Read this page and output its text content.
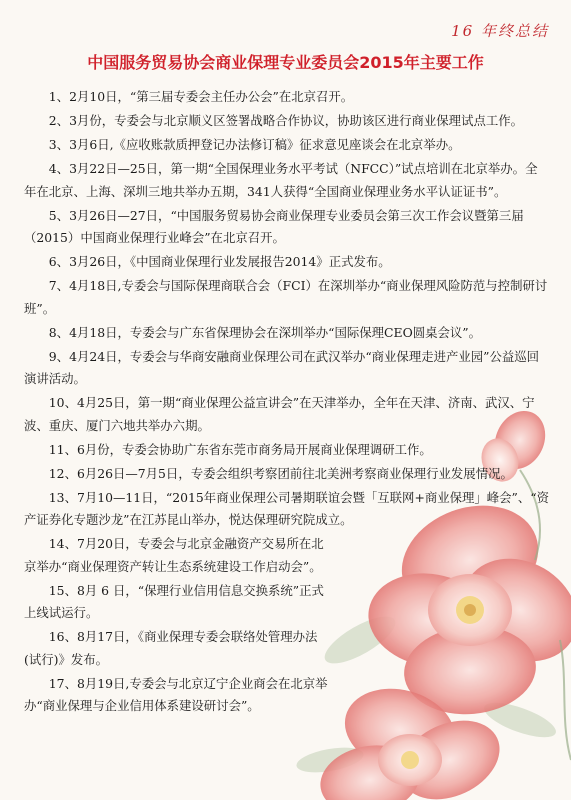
16 年终总结
中国服务贸易协会商业保理专业委员会2015年主要工作

1、2月10日，“第三届专委会主任办公会”在北京召开。

2、3月份，专委会与北京顺义区签署战略合作协议，协助该区进行商业保理试点工作。

3、3月6日,《应收账款质押登记办法修订稿》征求意见座谈会在北京举办。

4、3月22日—25日，第一期“全国保理业务水平考试（NFCC）”试点培训在北京举办。全年在北京、上海、深圳三地共举办五期，341人获得“全国商业保理业务水平认证证书”。

5、3月26日—27日，“中国服务贸易协会商业保理专业委员会第三次工作会议暨第三届（2015）中国商业保理行业峰会”在北京召开。

6、3月26日，《中国商业保理行业发展报告2014》正式发布。

7、4月18日,专委会与国际保理商联合会（FCI）在深圳举办“商业保理风险防范与控制研讨班”。

8、4月18日，专委会与广东省保理协会在深圳举办“国际保理CEO圆桌会议”。

9、4月24日，专委会与华商安融商业保理公司在武汉举办“商业保理走进产业园”公益巡回演讲活动。

10、4月25日，第一期“商业保理公益宣讲会”在天津举办，全年在天津、济南、武汉、宁波、重庆、厦门六地共举办六期。

11、6月份，专委会协助广东省东莞市商务局开展商业保理调研工作。

12、6月26日—7月5日，专委会组织考察团前往北美洲考察商业保理行业发展情况。

13、7月10—11日，“2015年商业保理公司暑期联谊会暨「互联网+商业保理」峰会”、“资产证券化专题沙龙”在江苏昆山举办，悦达保理研究院成立。

14、7月20日，专委会与北京金融资产交易所在北京举办“商业保理资产转让生态系统建设工作启动会”。

15、8月 6 日，“保理行业信用信息交换系统”正式上线试运行。

16、8月17日，《商业保理专委会联络处管理办法(试行)》发布。

17、8月19日,专委会与北京辽宁企业商会在北京举办“商业保理与企业信用体系建设研讨会”。
